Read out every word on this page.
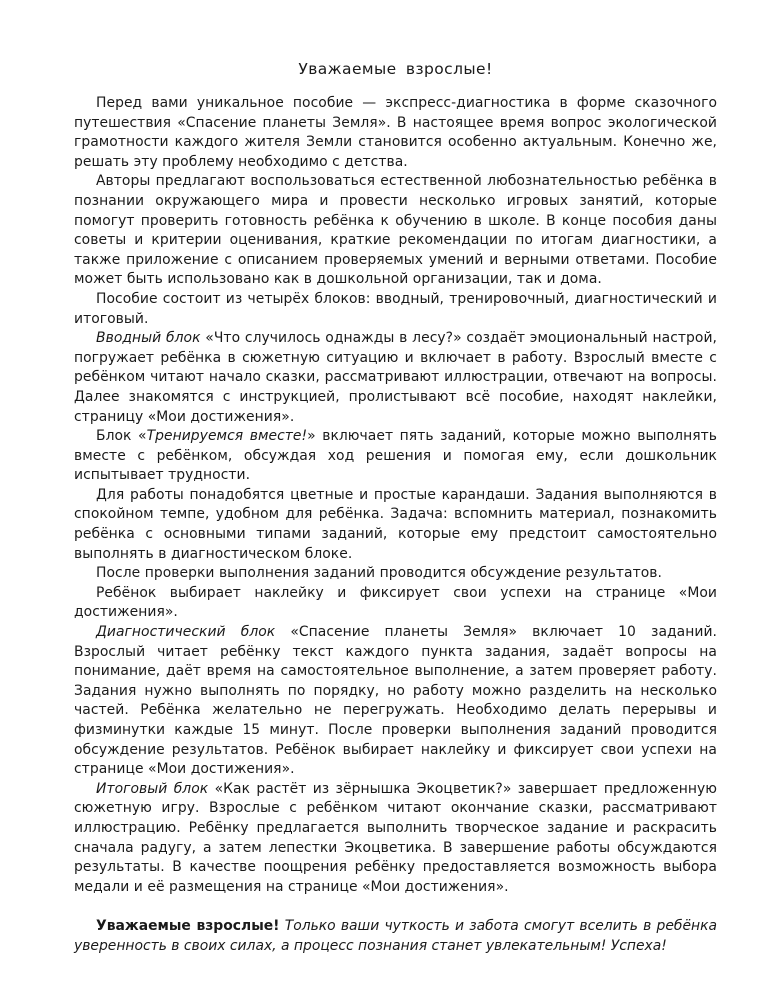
Уважаемые взрослые!

Перед вами уникальное пособие — экспресс-диагностика в форме сказочного путешествия «Спасение планеты Земля». В настоящее время вопрос экологической грамотности каждого жителя Земли становится особенно актуальным. Конечно же, решать эту проблему необходимо с детства.

Авторы предлагают воспользоваться естественной любознательностью ребёнка в познании окружающего мира и провести несколько игровых занятий, которые помогут проверить готовность ребёнка к обучению в школе. В конце пособия даны советы и критерии оценивания, краткие рекомендации по итогам диагностики, а также приложение с описанием проверяемых умений и верными ответами. Пособие может быть использовано как в дошкольной организации, так и дома.

Пособие состоит из четырёх блоков: вводный, тренировочный, диагностический и итоговый.

Вводный блок «Что случилось однажды в лесу?» создаёт эмоциональный настрой, погружает ребёнка в сюжетную ситуацию и включает в работу. Взрослый вместе с ребёнком читают начало сказки, рассматривают иллюстрации, отвечают на вопросы. Далее знакомятся с инструкцией, пролистывают всё пособие, находят наклейки, страницу «Мои достижения».

Блок «Тренируемся вместе!» включает пять заданий, которые можно выполнять вместе с ребёнком, обсуждая ход решения и помогая ему, если дошкольник испытывает трудности.

Для работы понадобятся цветные и простые карандаши. Задания выполняются в спокойном темпе, удобном для ребёнка. Задача: вспомнить материал, познакомить ребёнка с основными типами заданий, которые ему предстоит самостоятельно выполнять в диагностическом блоке.

После проверки выполнения заданий проводится обсуждение результатов.

Ребёнок выбирает наклейку и фиксирует свои успехи на странице «Мои достижения».

Диагностический блок «Спасение планеты Земля» включает 10 заданий. Взрослый читает ребёнку текст каждого пункта задания, задаёт вопросы на понимание, даёт время на самостоятельное выполнение, а затем проверяет работу. Задания нужно выполнять по порядку, но работу можно разделить на несколько частей. Ребёнка желательно не перегружать. Необходимо делать перерывы и физминутки каждые 15 минут. После проверки выполнения заданий проводится обсуждение результатов. Ребёнок выбирает наклейку и фиксирует свои успехи на странице «Мои достижения».

Итоговый блок «Как растёт из зёрнышка Экоцветик?» завершает предложенную сюжетную игру. Взрослые с ребёнком читают окончание сказки, рассматривают иллюстрацию. Ребёнку предлагается выполнить творческое задание и раскрасить сначала радугу, а затем лепестки Экоцветика. В завершение работы обсуждаются результаты. В качестве поощрения ребёнку предоставляется возможность выбора медали и её размещения на странице «Мои достижения».

Уважаемые взрослые! Только ваши чуткость и забота смогут вселить в ребёнка уверенность в своих силах, а процесс познания станет увлекательным! Успеха!
